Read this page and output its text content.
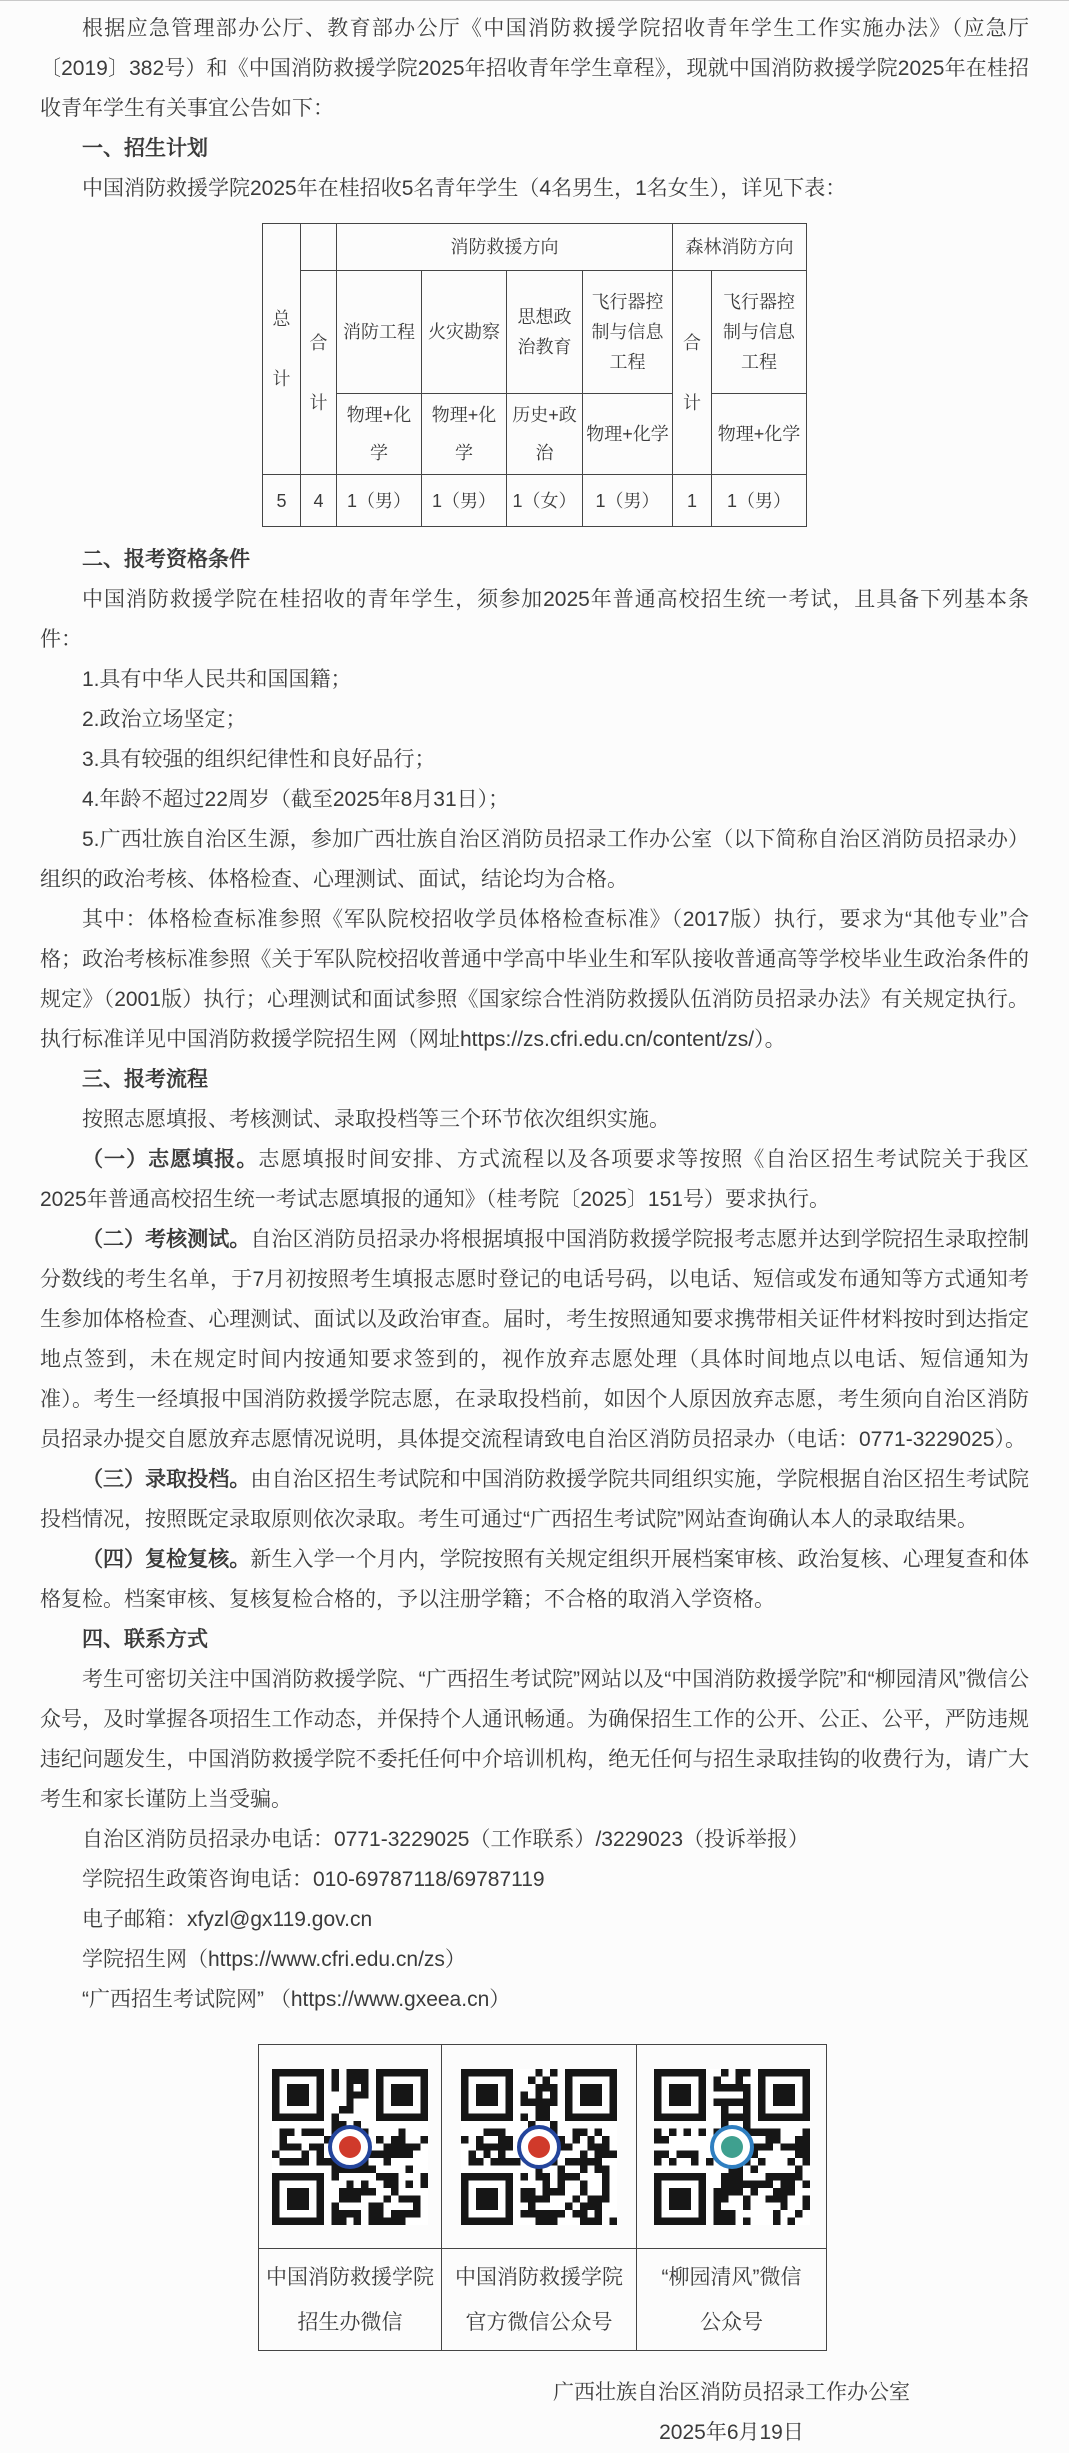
根据应急管理部办公厅、教育部办公厅《中国消防救援学院招收青年学生工作实施办法》（应急厅〔2019〕382号）和《中国消防救援学院2025年招收青年学生章程》，现就中国消防救援学院2025年在桂招收青年学生有关事宜公告如下：

一、招生计划

中国消防救援学院2025年在桂招收5名青年学生（4名男生，1名女生），详见下表：

总计		消防救援方向				森林消防方向	
	合计	消防工程	火灾勘察	思想政治教育	飞行器控制与信息工程	合计	飞行器控制与信息工程
		物理+化学	物理+化学	历史+政治	物理+化学		物理+化学
5	4	1（男）	1（男）	1（女）	1（男）	1	1（男）

二、报考资格条件

中国消防救援学院在桂招收的青年学生，须参加2025年普通高校招生统一考试，且具备下列基本条件：

1.具有中华人民共和国国籍；

2.政治立场坚定；

3.具有较强的组织纪律性和良好品行；

4.年龄不超过22周岁（截至2025年8月31日）；

5.广西壮族自治区生源，参加广西壮族自治区消防员招录工作办公室（以下简称自治区消防员招录办）组织的政治考核、体格检查、心理测试、面试，结论均为合格。

其中：体格检查标准参照《军队院校招收学员体格检查标准》（2017版）执行，要求为“其他专业”合格；政治考核标准参照《关于军队院校招收普通中学高中毕业生和军队接收普通高等学校毕业生政治条件的规定》（2001版）执行；心理测试和面试参照《国家综合性消防救援队伍消防员招录办法》有关规定执行。执行标准详见中国消防救援学院招生网（网址https://zs.cfri.edu.cn/content/zs/）。

三、报考流程

按照志愿填报、考核测试、录取投档等三个环节依次组织实施。

（一）志愿填报。志愿填报时间安排、方式流程以及各项要求等按照《自治区招生考试院关于我区2025年普通高校招生统一考试志愿填报的通知》（桂考院〔2025〕151号）要求执行。

（二）考核测试。自治区消防员招录办将根据填报中国消防救援学院报考志愿并达到学院招生录取控制分数线的考生名单，于7月初按照考生填报志愿时登记的电话号码，以电话、短信或发布通知等方式通知考生参加体格检查、心理测试、面试以及政治审查。届时，考生按照通知要求携带相关证件材料按时到达指定地点签到，未在规定时间内按通知要求签到的，视作放弃志愿处理（具体时间地点以电话、短信通知为准）。考生一经填报中国消防救援学院志愿，在录取投档前，如因个人原因放弃志愿，考生须向自治区消防员招录办提交自愿放弃志愿情况说明，具体提交流程请致电自治区消防员招录办（电话：0771-3229025）。

（三）录取投档。由自治区招生考试院和中国消防救援学院共同组织实施，学院根据自治区招生考试院投档情况，按照既定录取原则依次录取。考生可通过“广西招生考试院”网站查询确认本人的录取结果。

（四）复检复核。新生入学一个月内，学院按照有关规定组织开展档案审核、政治复核、心理复查和体格复检。档案审核、复核复检合格的，予以注册学籍；不合格的取消入学资格。

四、联系方式

考生可密切关注中国消防救援学院、“广西招生考试院”网站以及“中国消防救援学院”和“柳园清风”微信公众号，及时掌握各项招生工作动态，并保持个人通讯畅通。为确保招生工作的公开、公正、公平，严防违规违纪问题发生，中国消防救援学院不委托任何中介培训机构，绝无任何与招生录取挂钩的收费行为，请广大考生和家长谨防上当受骗。

自治区消防员招录办电话：0771-3229025（工作联系）/3229023（投诉举报）

学院招生政策咨询电话：010-69787118/69787119

电子邮箱：xfyzl@gx119.gov.cn

学院招生网（https://www.cfri.edu.cn/zs）

“广西招生考试院网” （https://www.gxeea.cn）

中国消防救援学院
招生办微信

中国消防救援学院
官方微信公众号

“柳园清风”微信
公众号
广西壮族自治区消防员招录工作办公室
2025年6月19日
